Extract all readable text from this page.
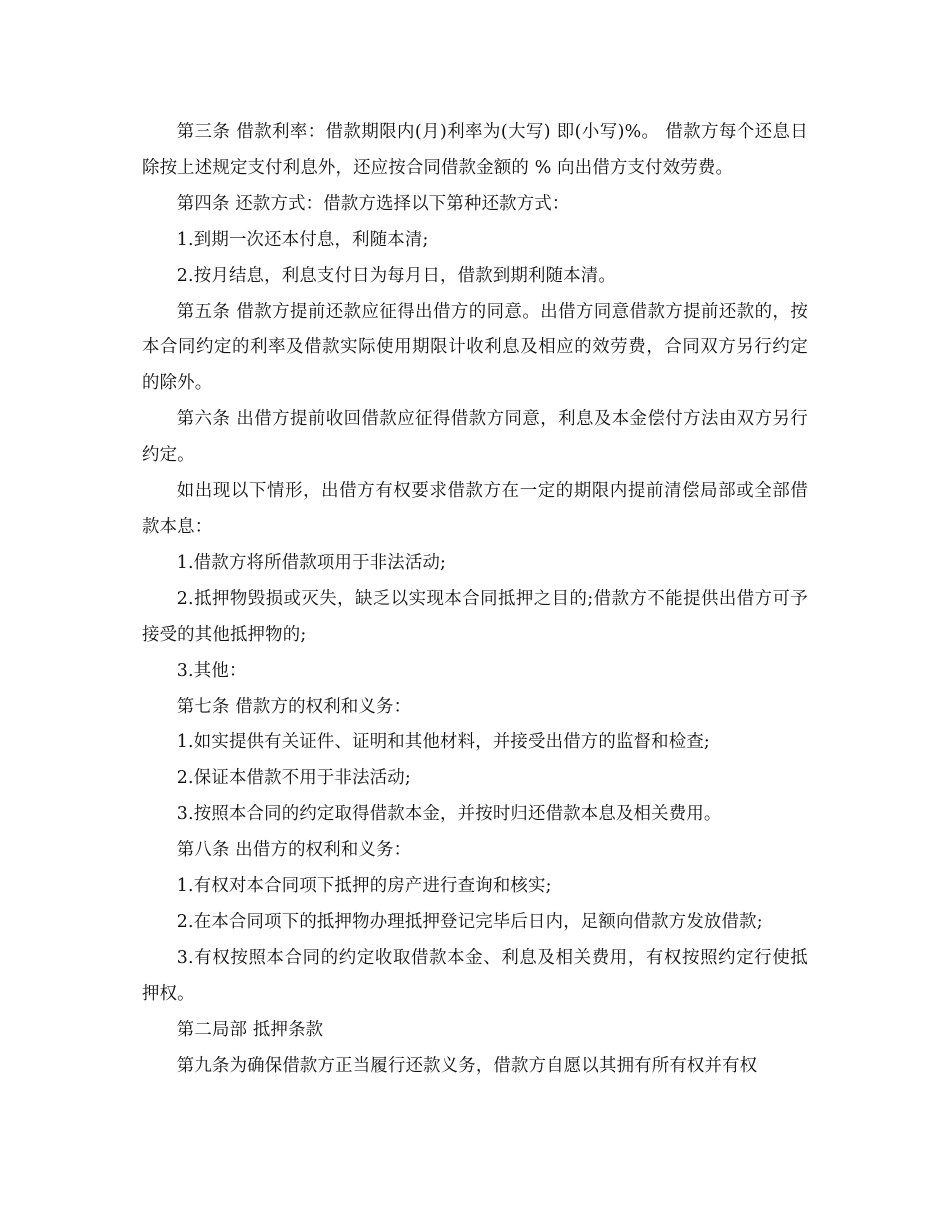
第三条 借款利率：借款期限内(月)利率为(大写) 即(小写)%。 借款方每个还息日除按上述规定支付利息外，还应按合同借款金额的 % 向出借方支付效劳费。

第四条 还款方式：借款方选择以下第种还款方式：

1.到期一次还本付息，利随本清;

2.按月结息，利息支付日为每月日，借款到期利随本清。

第五条 借款方提前还款应征得出借方的同意。出借方同意借款方提前还款的，按本合同约定的利率及借款实际使用期限计收利息及相应的效劳费，合同双方另行约定的除外。

第六条 出借方提前收回借款应征得借款方同意，利息及本金偿付方法由双方另行约定。

如出现以下情形，出借方有权要求借款方在一定的期限内提前清偿局部或全部借款本息：

1.借款方将所借款项用于非法活动;

2.抵押物毁损或灭失，缺乏以实现本合同抵押之目的;借款方不能提供出借方可予接受的其他抵押物的;

3.其他：

第七条 借款方的权利和义务：

1.如实提供有关证件、证明和其他材料，并接受出借方的监督和检查;

2.保证本借款不用于非法活动;

3.按照本合同的约定取得借款本金，并按时归还借款本息及相关费用。

第八条 出借方的权利和义务：

1.有权对本合同项下抵押的房产进行查询和核实;

2.在本合同项下的抵押物办理抵押登记完毕后日内，足额向借款方发放借款;

3.有权按照本合同的约定收取借款本金、利息及相关费用，有权按照约定行使抵押权。

第二局部 抵押条款

第九条为确保借款方正当履行还款义务，借款方自愿以其拥有所有权并有权
